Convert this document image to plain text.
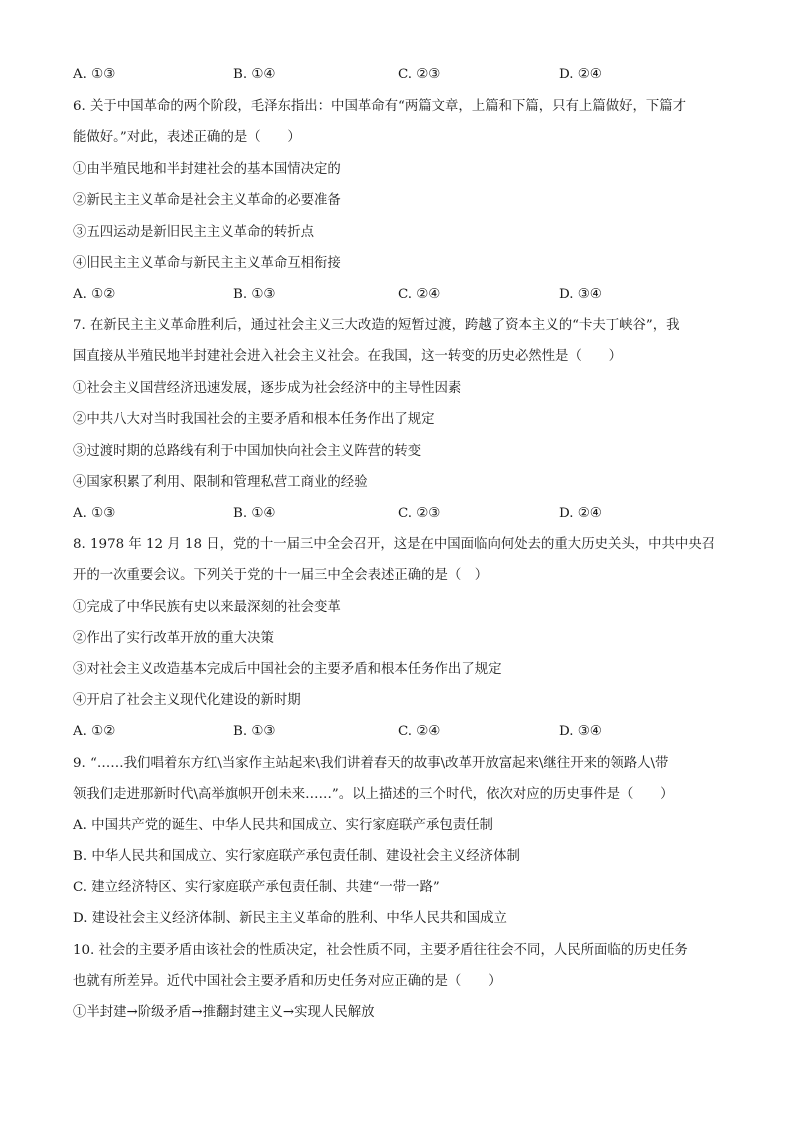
A. ①③	B. ①④	C. ②③	D. ②④
6. 关于中国革命的两个阶段，毛泽东指出：中国革命有“两篇文章，上篇和下篇，只有上篇做好，下篇才
能做好。”对此，表述正确的是（　　）
①由半殖民地和半封建社会的基本国情决定的
②新民主主义革命是社会主义革命的必要准备
③五四运动是新旧民主主义革命的转折点
④旧民主主义革命与新民主主义革命互相衔接
A. ①②	B. ①③	C. ②④	D. ③④
7. 在新民主主义革命胜利后，通过社会主义三大改造的短暂过渡，跨越了资本主义的“卡夫丁峡谷”，我
国直接从半殖民地半封建社会进入社会主义社会。在我国，这一转变的历史必然性是（　　）
①社会主义国营经济迅速发展，逐步成为社会经济中的主导性因素
②中共八大对当时我国社会的主要矛盾和根本任务作出了规定
③过渡时期的总路线有利于中国加快向社会主义阵营的转变
④国家积累了利用、限制和管理私营工商业的经验
A. ①③	B. ①④	C. ②③	D. ②④
8. 1978 年 12 月 18 日，党的十一届三中全会召开，这是在中国面临向何处去的重大历史关头，中共中央召
开的一次重要会议。下列关于党的十一届三中全会表述正确的是（　）
①完成了中华民族有史以来最深刻的社会变革
②作出了实行改革开放的重大决策
③对社会主义改造基本完成后中国社会的主要矛盾和根本任务作出了规定
④开启了社会主义现代化建设的新时期
A. ①②	B. ①③	C. ②④	D. ③④
9. “……我们唱着东方红\当家作主站起来\我们讲着春天的故事\改革开放富起来\继往开来的领路人\带
领我们走进那新时代\高举旗帜开创未来……”。以上描述的三个时代，依次对应的历史事件是（　　）
A. 中国共产党的诞生、中华人民共和国成立、实行家庭联产承包责任制
B. 中华人民共和国成立、实行家庭联产承包责任制、建设社会主义经济体制
C. 建立经济特区、实行家庭联产承包责任制、共建“一带一路”
D. 建设社会主义经济体制、新民主主义革命的胜利、中华人民共和国成立
10. 社会的主要矛盾由该社会的性质决定，社会性质不同，主要矛盾往往会不同，人民所面临的历史任务
也就有所差异。近代中国社会主要矛盾和历史任务对应正确的是（　　）
①半封建→阶级矛盾→推翻封建主义→实现人民解放
